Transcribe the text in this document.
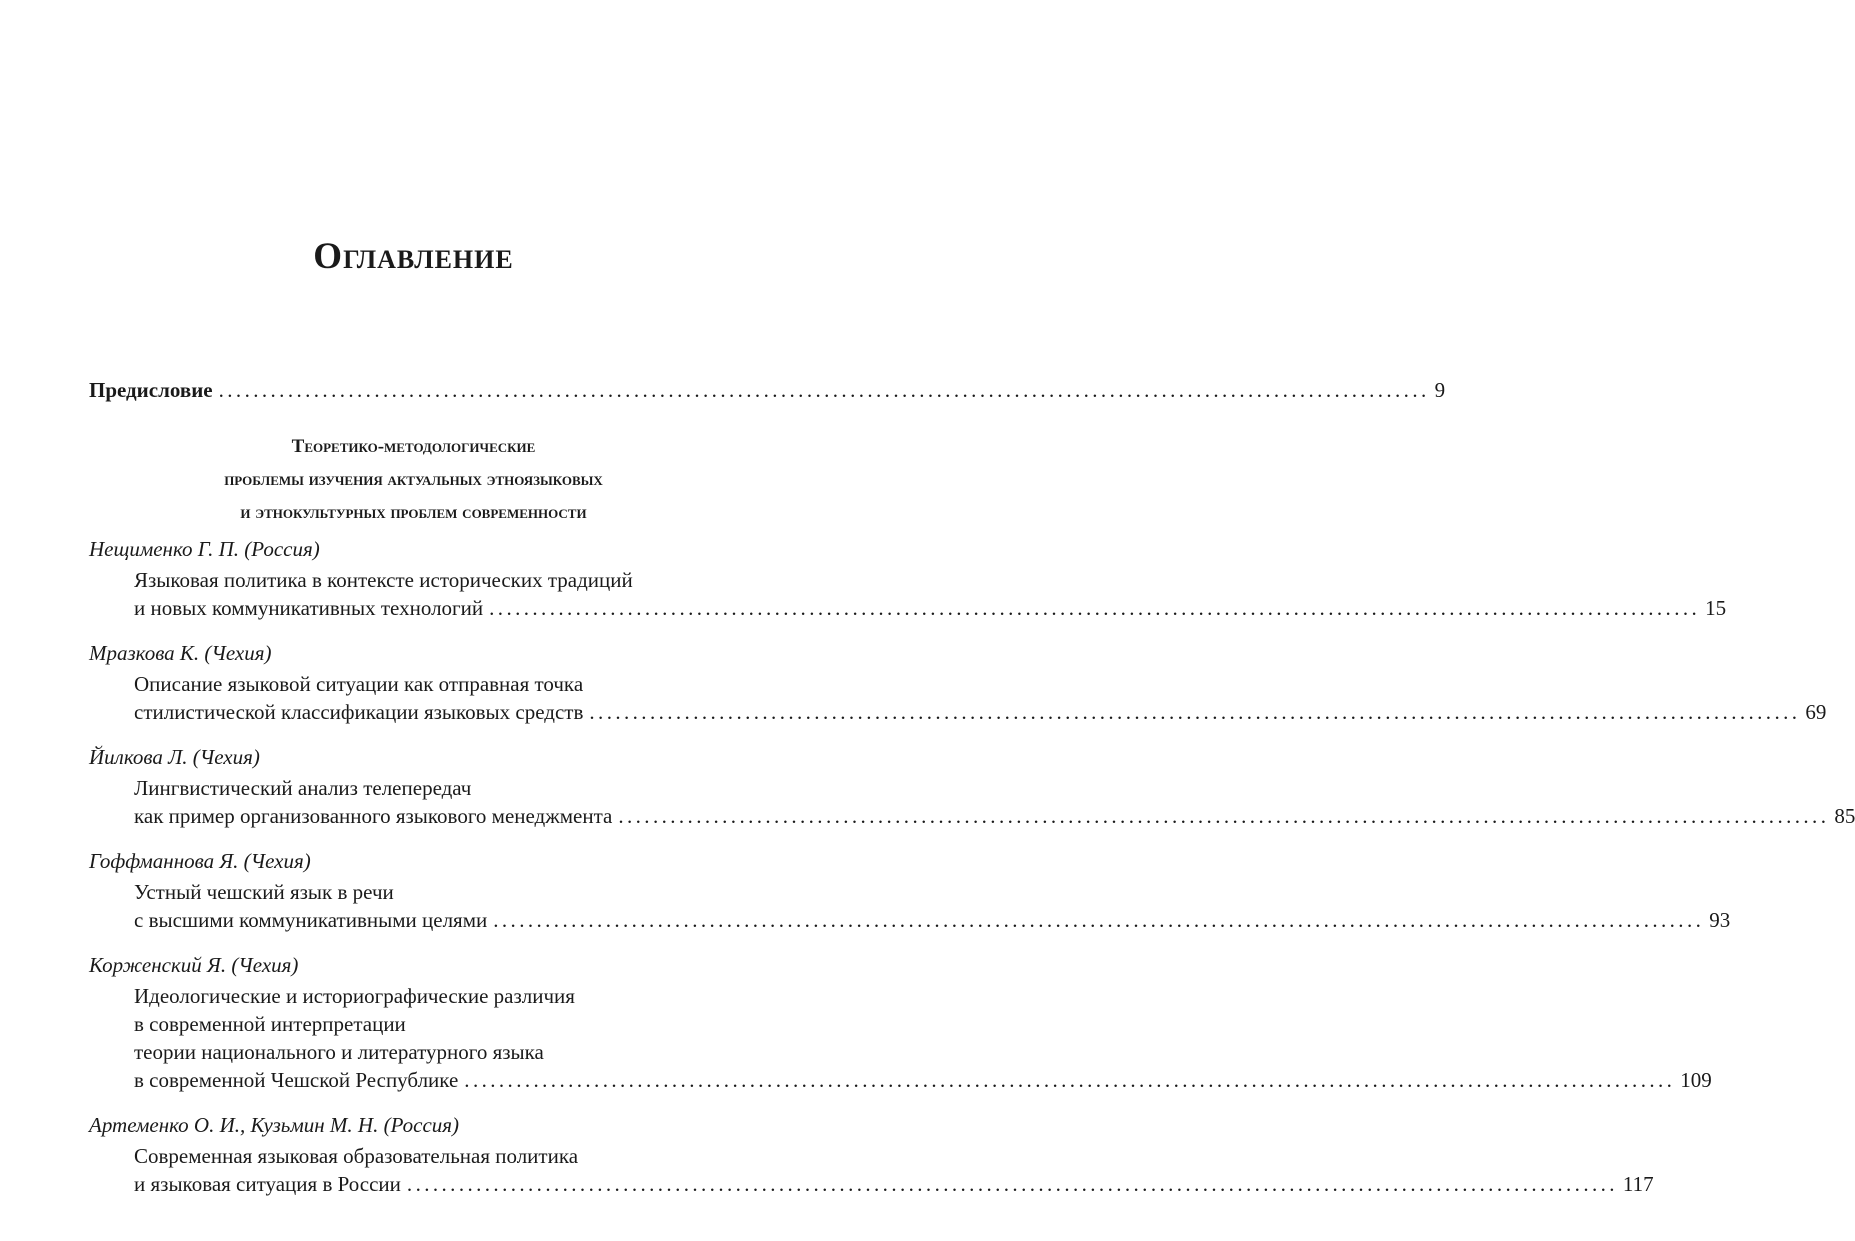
Оглавление
Предисловие ............................................................................................................................................ 9
Теоретико-методологические
проблемы изучения актуальных этноязыковых
и этнокультурных проблем современности
Нещименко Г. П. (Россия)
Языковая политика в контексте исторических традиций
и новых коммуникативных технологий ............................................................................................................................................ 15
Мразкова К. (Чехия)
Описание языковой ситуации как отправная точка
стилистической классификации языковых средств ............................................................................................................................................ 69
Йилкова Л. (Чехия)
Лингвистический анализ телепередач
как пример организованного языкового менеджмента ............................................................................................................................................ 85
Гоффманнова Я. (Чехия)
Устный чешский язык в речи
с высшими коммуникативными целями ............................................................................................................................................ 93
Корженский Я. (Чехия)
Идеологические и историографические различия
в современной интерпретации
теории национального и литературного языка
в современной Чешской Республике ............................................................................................................................................ 109
Артеменко О. И., Кузьмин М. Н. (Россия)
Современная языковая образовательная политика
и языковая ситуация в России ............................................................................................................................................ 117
